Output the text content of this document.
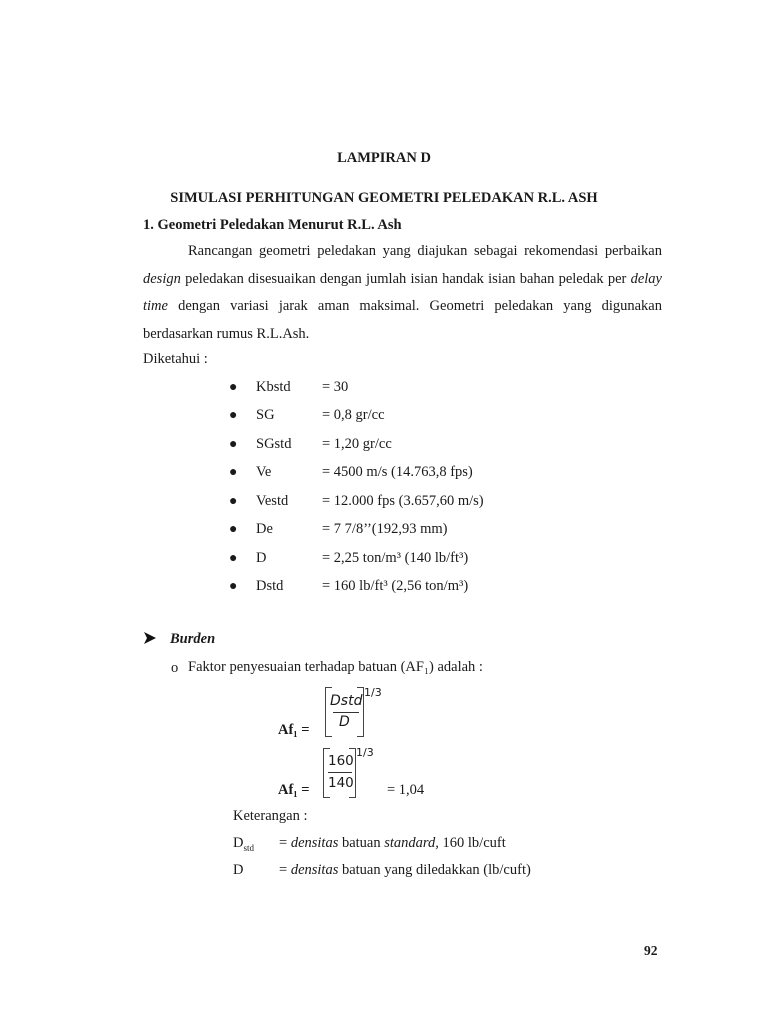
LAMPIRAN D
SIMULASI PERHITUNGAN GEOMETRI PELEDAKAN R.L. ASH
1. Geometri Peledakan Menurut R.L. Ash
Rancangan geometri peledakan yang diajukan sebagai rekomendasi perbaikan design peledakan disesuaikan dengan jumlah isian handak isian bahan peledak per delay time dengan variasi jarak aman maksimal. Geometri peledakan yang digunakan berdasarkan rumus R.L.Ash.
Diketahui :
● Kbstd = 30
● SG	= 0,8 gr/cc
● SGstd = 1,20 gr/cc
● Ve	= 4500 m/s (14.763,8 fps)
● Vestd = 12.000 fps (3.657,60 m/s)
● De	= 7 7/8’’(192,93 mm)
● D	= 2,25 ton/m³ (140 lb/ft³)
● Dstd	= 160 lb/ft³ (2,56 ton/m³)
Burden
o Faktor penyesuaian terhadap batuan (AF₁) adalah :
Af₁ =
Dstd
D
1/3
Af₁ =
160
140
1/3
= 1,04
Keterangan :
$D_{std}$ = densitas batuan standard, 160 lb/cuft
D = densitas batuan yang diledakkan (lb/cuft)
92
